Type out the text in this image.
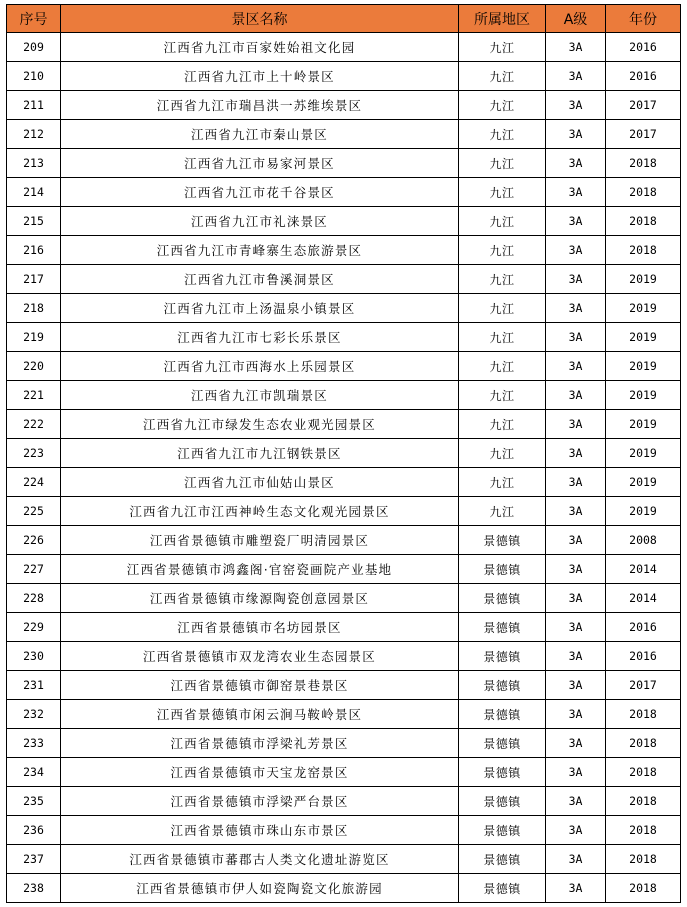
序号	景区名称	所属地区	A级	年份
209	江西省九江市百家姓始祖文化园	九江	3A	2016
210	江西省九江市上十岭景区	九江	3A	2016
211	江西省九江市瑞昌洪一苏维埃景区	九江	3A	2017
212	江西省九江市秦山景区	九江	3A	2017
213	江西省九江市易家河景区	九江	3A	2018
214	江西省九江市花千谷景区	九江	3A	2018
215	江西省九江市礼涞景区	九江	3A	2018
216	江西省九江市青峰寨生态旅游景区	九江	3A	2018
217	江西省九江市鲁溪洞景区	九江	3A	2019
218	江西省九江市上汤温泉小镇景区	九江	3A	2019
219	江西省九江市七彩长乐景区	九江	3A	2019
220	江西省九江市西海水上乐园景区	九江	3A	2019
221	江西省九江市凯瑞景区	九江	3A	2019
222	江西省九江市绿发生态农业观光园景区	九江	3A	2019
223	江西省九江市九江钢铁景区	九江	3A	2019
224	江西省九江市仙姑山景区	九江	3A	2019
225	江西省九江市江西神岭生态文化观光园景区	九江	3A	2019
226	江西省景德镇市雕塑瓷厂明清园景区	景德镇	3A	2008
227	江西省景德镇市鸿鑫阁·官窑瓷画院产业基地	景德镇	3A	2014
228	江西省景德镇市缘源陶瓷创意园景区	景德镇	3A	2014
229	江西省景德镇市名坊园景区	景德镇	3A	2016
230	江西省景德镇市双龙湾农业生态园景区	景德镇	3A	2016
231	江西省景德镇市御窑景巷景区	景德镇	3A	2017
232	江西省景德镇市闲云涧马鞍岭景区	景德镇	3A	2018
233	江西省景德镇市浮梁礼芳景区	景德镇	3A	2018
234	江西省景德镇市天宝龙窑景区	景德镇	3A	2018
235	江西省景德镇市浮梁严台景区	景德镇	3A	2018
236	江西省景德镇市珠山东市景区	景德镇	3A	2018
237	江西省景德镇市蕃郡古人类文化遗址游览区	景德镇	3A	2018
238	江西省景德镇市伊人如瓷陶瓷文化旅游园	景德镇	3A	2018
